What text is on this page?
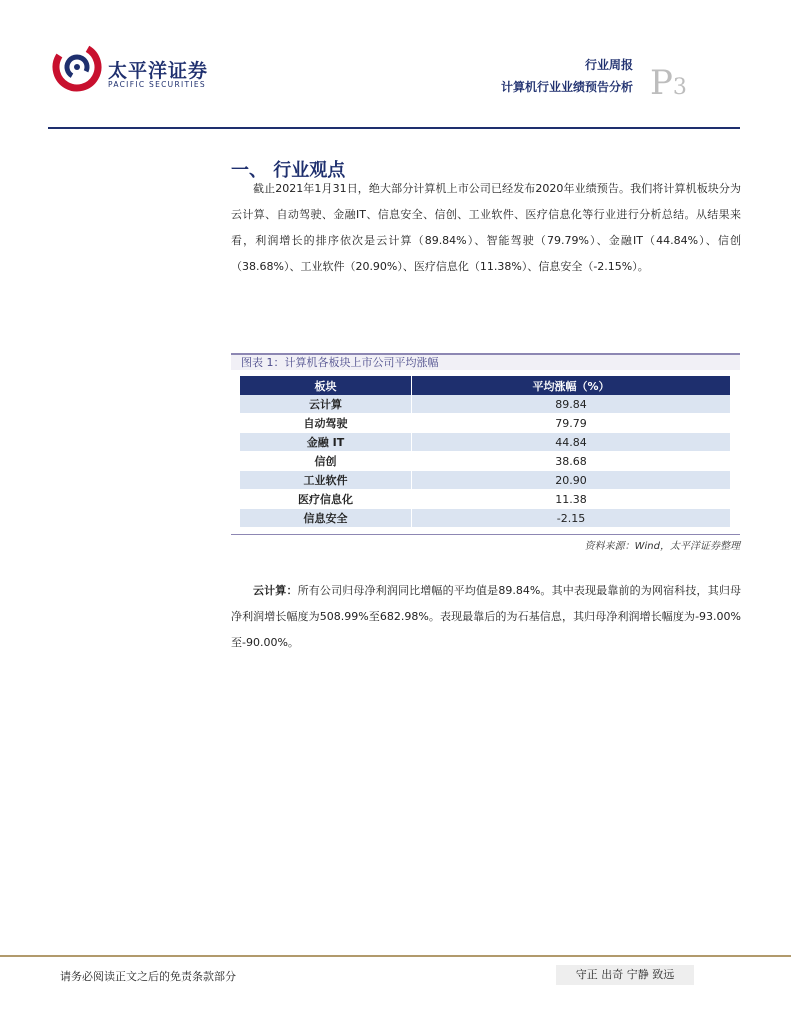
太平洋证券
PACIFIC SECURITIES
行业周报
计算机行业业绩预告分析 P3
一、 行业观点

截止2021年1月31日，绝大部分计算机上市公司已经发布2020年业绩预告。我们将计算机板块分为云计算、自动驾驶、金融IT、信息安全、信创、工业软件、医疗信息化等行业进行分析总结。从结果来看，利润增长的排序依次是云计算（89.84%）、智能驾驶（79.79%）、金融IT（44.84%）、信创（38.68%）、工业软件（20.90%）、医疗信息化（11.38%）、信息安全（-2.15%）。

图表 1：计算机各板块上市公司平均涨幅
板块	平均涨幅（%）
云计算	89.84
自动驾驶	79.79
金融 IT	44.84
信创	38.68
工业软件	20.90
医疗信息化	11.38
信息安全	-2.15
资料来源：Wind，太平洋证券整理

云计算：所有公司归母净利润同比增幅的平均值是89.84%。其中表现最靠前的为网宿科技，其归母净利润增长幅度为508.99%至682.98%。表现最靠后的为石基信息，其归母净利润增长幅度为-93.00%至-90.00%。

请务必阅读正文之后的免责条款部分	守正 出奇 宁静 致远
